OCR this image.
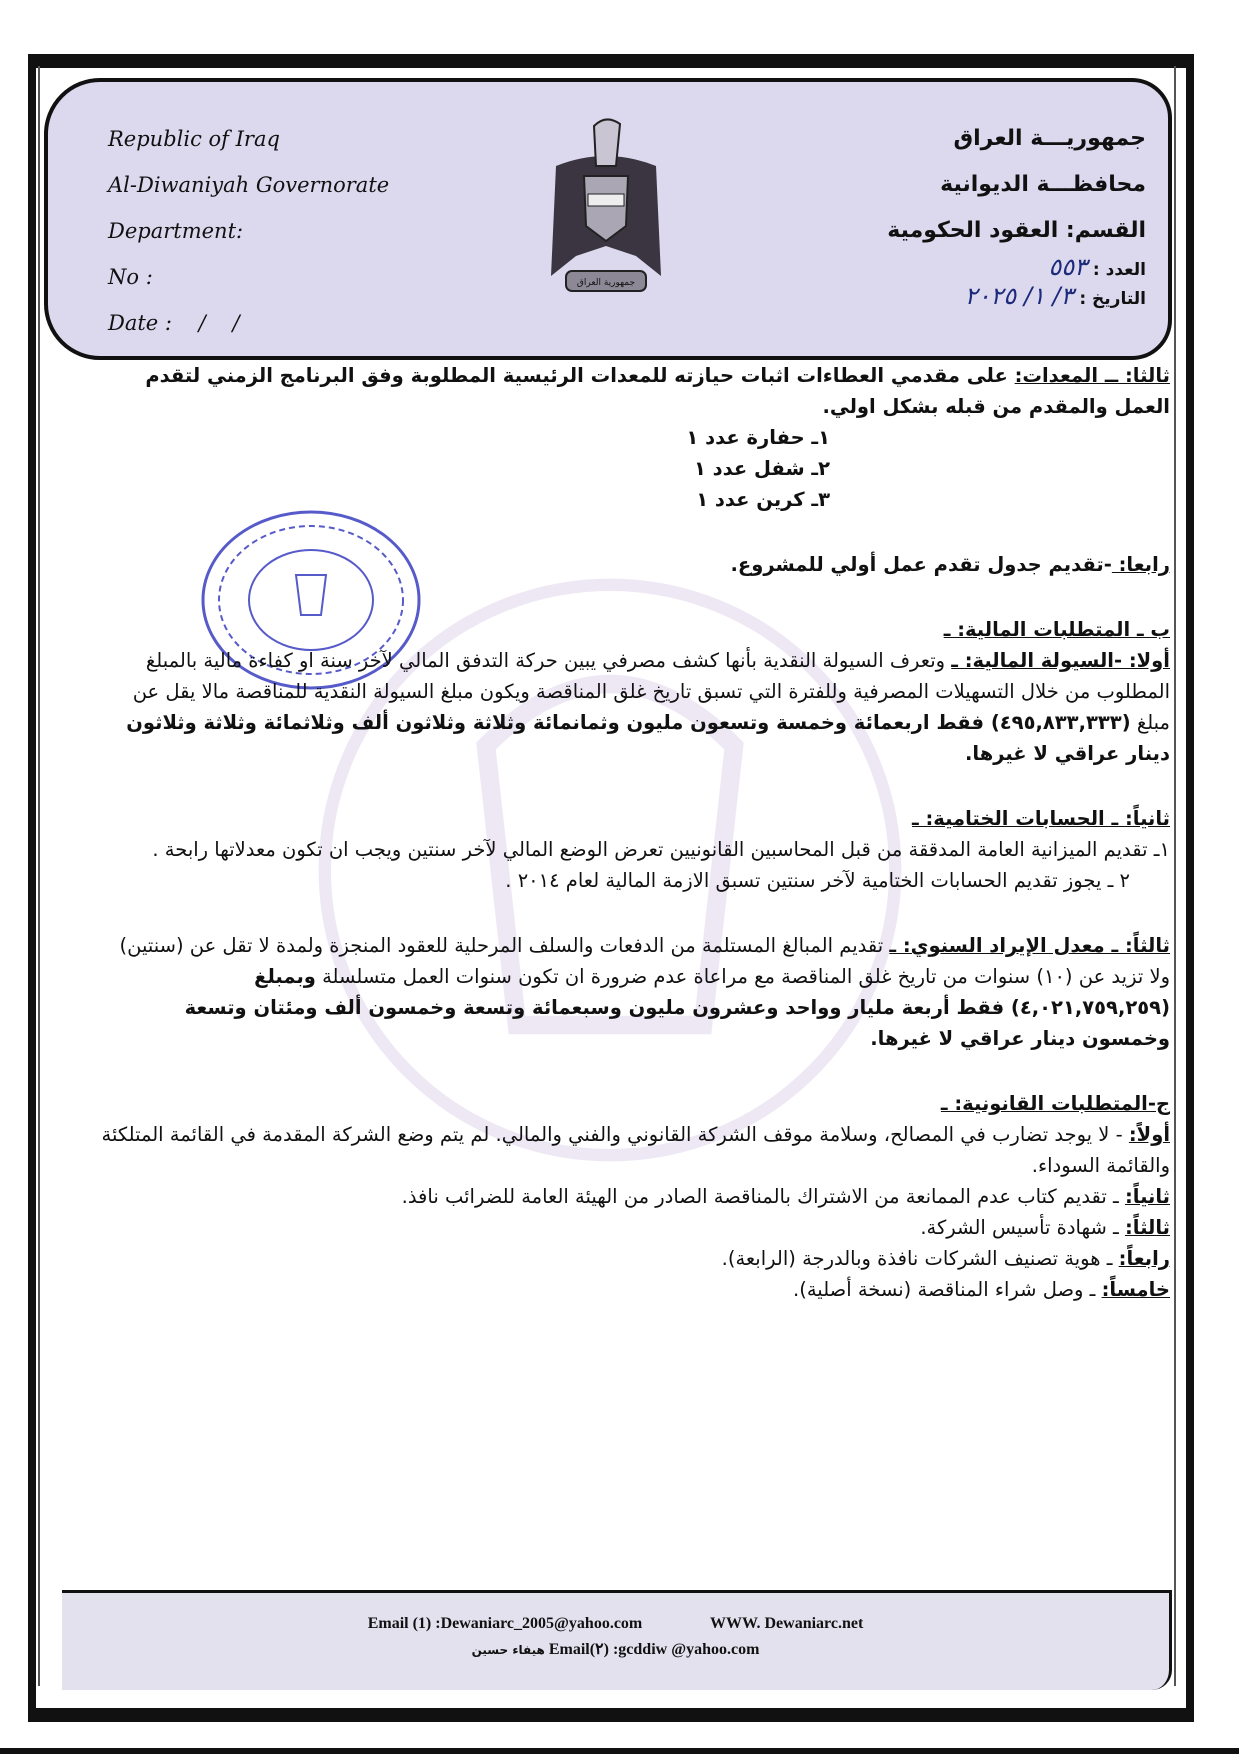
Republic of Iraq
Al-Diwaniyah Governorate
Department:
No :
Date :    /    /
جمهورية العراق
جمهوريـــة العراق
محافظـــة الديوانية
القسم: العقود الحكومية
العدد : ٥٥٣
التاريخ : ٣/ ١/ ٢٠٢٥

ثالثا: ــ المعدات: على مقدمي العطاءات اثبات حيازته للمعدات الرئيسية المطلوبة وفق البرنامج الزمني لتقدم العمل والمقدم من قبله بشكل اولي.

١ـ حفارة عدد ١
٢ـ شفل عدد ١
٣ـ كرين عدد ١

رابعا: -تقديم جدول تقدم عمل أولي للمشروع.

ب ـ المتطلبات المالية: ـ

أولا: -السيولة المالية: ـ وتعرف السيولة النقدية بأنها كشف مصرفي يبين حركة التدفق المالي لآخر سنة او كفاءة مالية بالمبلغ المطلوب من خلال التسهيلات المصرفية وللفترة التي تسبق تاريخ غلق المناقصة ويكون مبلغ السيولة النقدية للمناقصة مالا يقل عن مبلغ (٤٩٥,٨٣٣,٣٣٣) فقط اربعمائة وخمسة وتسعون مليون وثمانمائة وثلاثة وثلاثون ألف وثلاثمائة وثلاثة وثلاثون دينار عراقي لا غيرها.

ثانياً: ـ الحسابات الختامية: ـ

١ـ تقديم الميزانية العامة المدققة من قبل المحاسبين القانونيين تعرض الوضع المالي لآخر سنتين ويجب ان تكون معدلاتها رابحة .

٢ ـ يجوز تقديم الحسابات الختامية لآخر سنتين تسبق الازمة المالية لعام ٢٠١٤ .

ثالثاً: ـ معدل الإيراد السنوي: ـ تقديم المبالغ المستلمة من الدفعات والسلف المرحلية للعقود المنجزة ولمدة لا تقل عن (سنتين) ولا تزيد عن (١٠) سنوات من تاريخ غلق المناقصة مع مراعاة عدم ضرورة ان تكون سنوات العمل متسلسلة وبمبلغ (٤,٠٢١,٧٥٩,٢٥٩) فقط أربعة مليار وواحد وعشرون مليون وسبعمائة وتسعة وخمسون ألف ومئتان وتسعة وخمسون دينار عراقي لا غيرها.

ج-المتطلبات القانونية: ـ

أولاً: - لا يوجد تضارب في المصالح، وسلامة موقف الشركة القانوني والفني والمالي. لم يتم وضع الشركة المقدمة في القائمة المتلكئة والقائمة السوداء.

ثانياً: ـ تقديم كتاب عدم الممانعة من الاشتراك بالمناقصة الصادر من الهيئة العامة للضرائب نافذ.

ثالثاً: ـ شهادة تأسيس الشركة.

رابعاً: ـ هوية تصنيف الشركات نافذة وبالدرجة (الرابعة).

خامساً: ـ وصل شراء المناقصة (نسخة أصلية).

Email (1) :Dewaniarc_2005@yahoo.com	WWW. Dewaniarc.net
هيفاء حسين Email(٢) :gcddiw @yahoo.com
